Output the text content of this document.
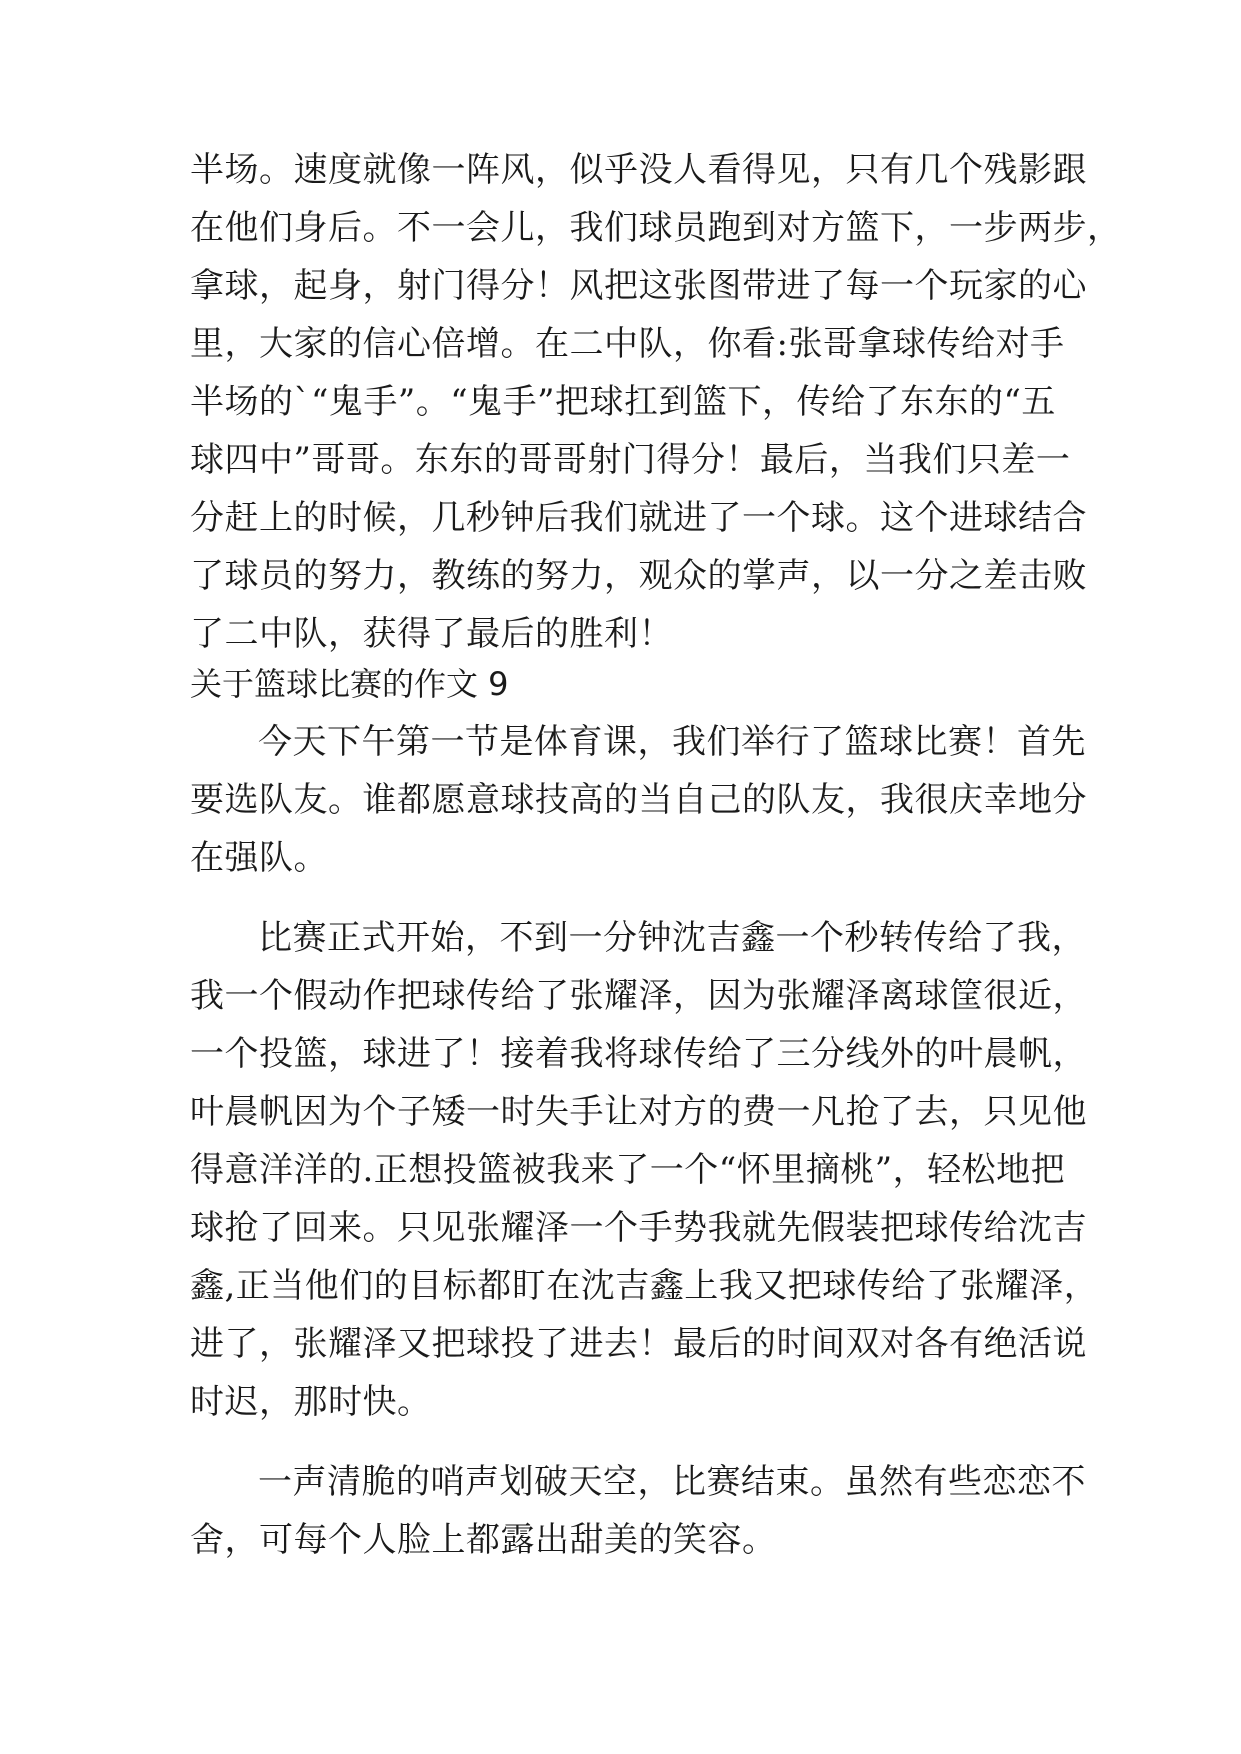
半场。速度就像一阵风，似乎没人看得见，只有几个残影跟
在他们身后。不一会儿，我们球员跑到对方篮下，一步两步，
拿球，起身，射门得分！风把这张图带进了每一个玩家的心
里，大家的信心倍增。在二中队，你看:张哥拿球传给对手
半场的`“鬼手”。“鬼手”把球扛到篮下，传给了东东的“五
球四中”哥哥。东东的哥哥射门得分！最后，当我们只差一
分赶上的时候，几秒钟后我们就进了一个球。这个进球结合
了球员的努力，教练的努力，观众的掌声，以一分之差击败
了二中队，获得了最后的胜利！
关于篮球比赛的作文 9
今天下午第一节是体育课，我们举行了篮球比赛！首先
要选队友。谁都愿意球技高的当自己的队友，我很庆幸地分
在强队。
比赛正式开始，不到一分钟沈吉鑫一个秒转传给了我，
我一个假动作把球传给了张耀泽，因为张耀泽离球筐很近，
一个投篮，球进了！接着我将球传给了三分线外的叶晨帆，
叶晨帆因为个子矮一时失手让对方的费一凡抢了去，只见他
得意洋洋的.正想投篮被我来了一个“怀里摘桃”，轻松地把
球抢了回来。只见张耀泽一个手势我就先假装把球传给沈吉
鑫,正当他们的目标都盯在沈吉鑫上我又把球传给了张耀泽，
进了，张耀泽又把球投了进去！最后的时间双对各有绝活说
时迟，那时快。
一声清脆的哨声划破天空，比赛结束。虽然有些恋恋不
舍，可每个人脸上都露出甜美的笑容。
